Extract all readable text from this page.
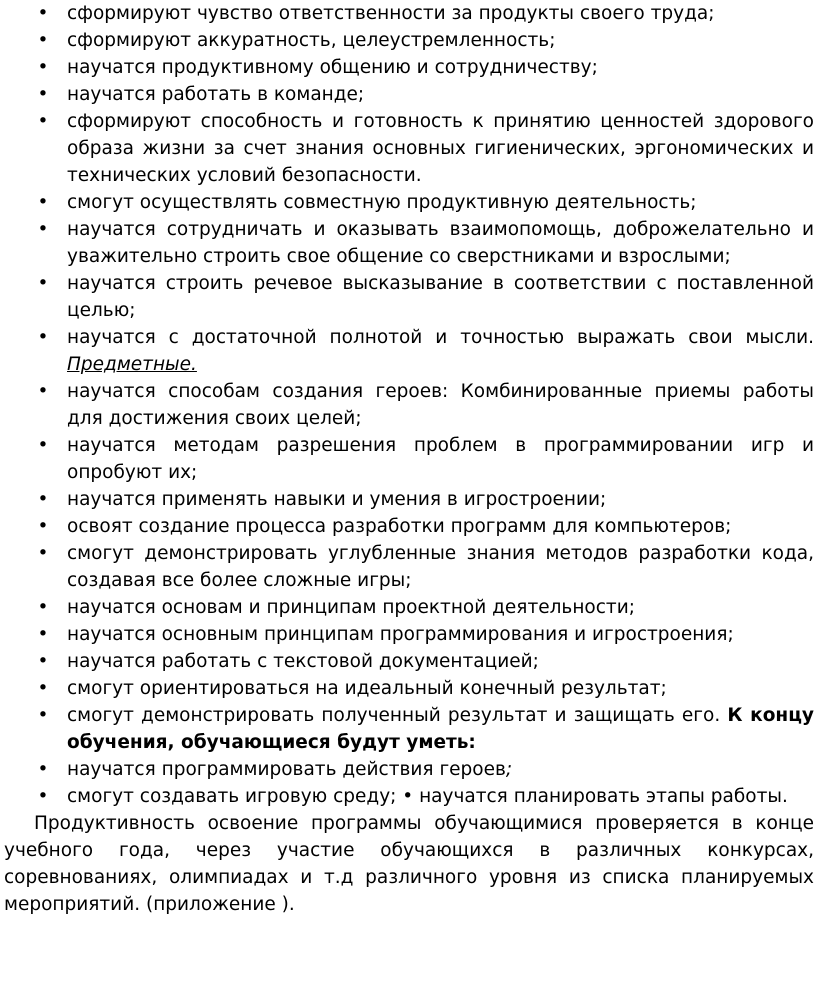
• сформируют чувство ответственности за продукты своего труда;
• сформируют аккуратность, целеустремленность;
• научатся продуктивному общению и сотрудничеству;
• научатся работать в команде;
• сформируют способность и готовность к принятию ценностей здорового образа жизни за счет знания основных гигиенических, эргономических и технических условий безопасности.
• смогут осуществлять совместную продуктивную деятельность;
• научатся сотрудничать и оказывать взаимопомощь, доброжелательно и уважительно строить свое общение со сверстниками и взрослыми;
• научатся строить речевое высказывание в соответствии с поставленной целью;
• научатся с достаточной полнотой и точностью выражать свои мысли. Предметные.
• научатся способам создания героев: Комбинированные приемы работы для достижения своих целей;
• научатся методам разрешения проблем в программировании игр и опробуют их;
• научатся применять навыки и умения в игростроении;
• освоят создание процесса разработки программ для компьютеров;
• смогут демонстрировать углубленные знания методов разработки кода, создавая все более сложные игры;
• научатся основам и принципам проектной деятельности;
• научатся основным принципам программирования и игростроения;
• научатся работать с текстовой документацией;
• смогут ориентироваться на идеальный конечный результат;
• смогут демонстрировать полученный результат и защищать его. К концу обучения, обучающиеся будут уметь:
• научатся программировать действия героев;
• смогут создавать игровую среду; • научатся планировать этапы работы.

Продуктивность освоение программы обучающимися проверяется в конце учебного года, через участие обучающихся в различных конкурсах, соревнованиях, олимпиадах и т.д различного уровня из списка планируемых мероприятий. (приложение ).
